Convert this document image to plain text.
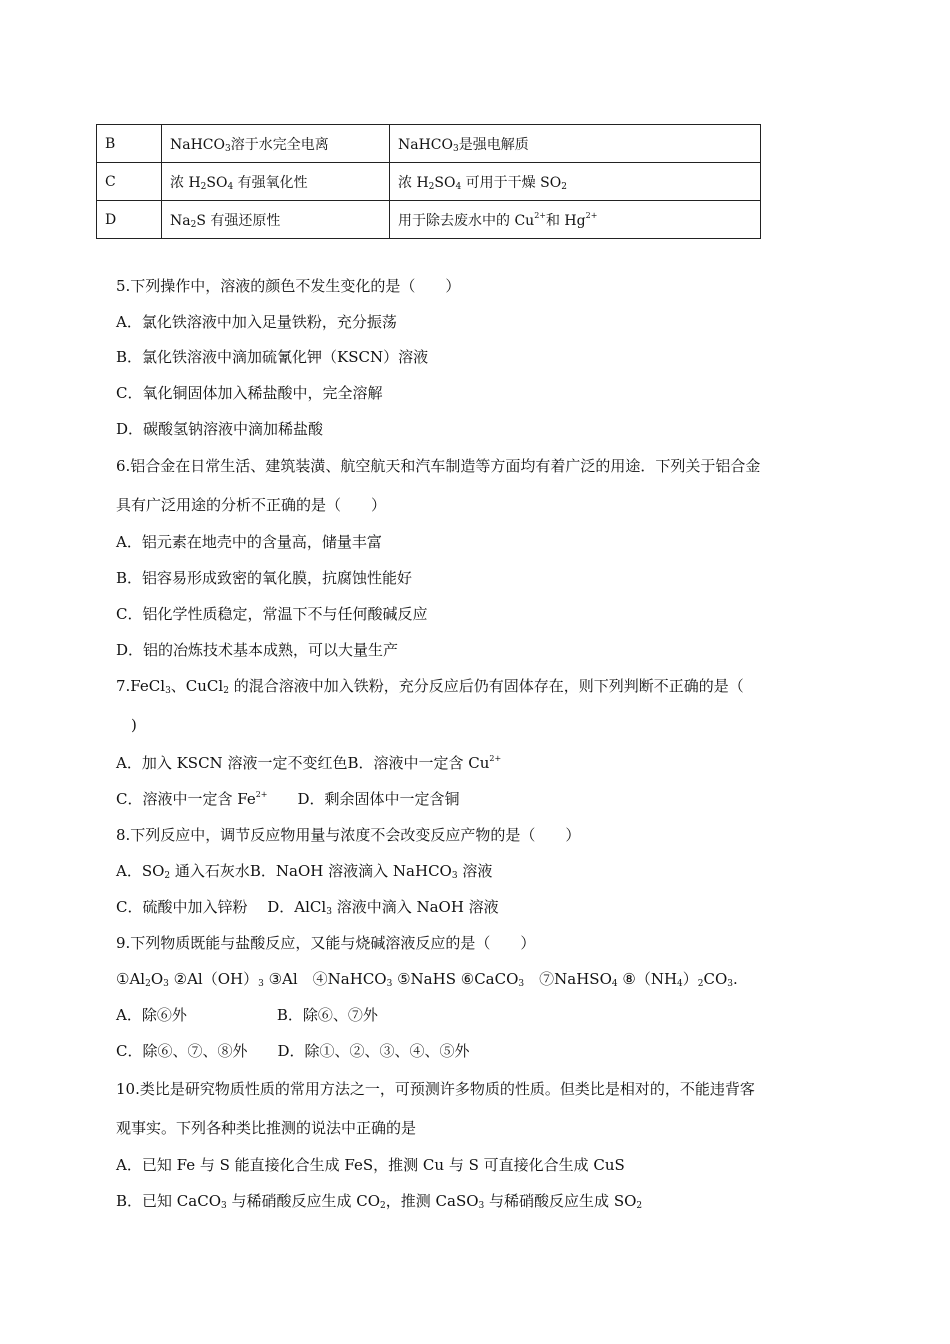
B	NaHCO$_3$溶于水完全电离	NaHCO$_3$是强电解质
C	浓 $H_2SO_4$ 有强氧化性	浓 $H_2SO_4$ 可用于干燥 $SO_2$
D	$Na_2S$ 有强还原性	用于除去废水中的 $Cu^{2+}$和 $Hg^{2+}$
5.下列操作中，溶液的颜色不发生变化的是（　　）
A．氯化铁溶液中加入足量铁粉，充分振荡
B．氯化铁溶液中滴加硫氰化钾（KSCN）溶液
C．氧化铜固体加入稀盐酸中，完全溶解
D．碳酸氢钠溶液中滴加稀盐酸
6.铝合金在日常生活、建筑装潢、航空航天和汽车制造等方面均有着广泛的用途．下列关于铝合金
具有广泛用途的分析不正确的是（　　）
A．铝元素在地壳中的含量高，储量丰富
B．铝容易形成致密的氧化膜，抗腐蚀性能好
C．铝化学性质稳定，常温下不与任何酸碱反应
D．铝的冶炼技术基本成熟，可以大量生产
7.FeCl$_3$、CuCl$_2$ 的混合溶液中加入铁粉，充分反应后仍有固体存在，则下列判断不正确的是（
　)
A．加入 KSCN 溶液一定不变红色B．溶液中一定含 $Cu^{2+}$
C．溶液中一定含 $Fe^{2+}$　　D．剩余固体中一定含铜
8.下列反应中，调节反应物用量与浓度不会改变反应产物的是（　　）
A．$SO_2$ 通入石灰水B．NaOH 溶液滴入 NaHCO$_3$ 溶液
C．硫酸中加入锌粉　 D．AlCl$_3$ 溶液中滴入 NaOH 溶液
9.下列物质既能与盐酸反应，又能与烧碱溶液反应的是（　　）
$①Al_2O_3$ $②Al(OH)_3$ ③Al　④NaHCO$_3$ ⑤NaHS ⑥CaCO$_3$　⑦NaHSO$_4$ $⑧(NH_4)_2CO_3$.
A．除⑥外　　　　　　B．除⑥、⑦外
C．除⑥、⑦、⑧外　　D．除①、②、③、④、⑤外
10.类比是研究物质性质的常用方法之一，可预测许多物质的性质。但类比是相对的，不能违背客
观事实。下列各种类比推测的说法中正确的是
A．已知 Fe 与 S 能直接化合生成 FeS，推测 Cu 与 S 可直接化合生成 CuS
B．已知 CaCO$_3$ 与稀硝酸反应生成 $CO_2$，推测 CaSO$_3$ 与稀硝酸反应生成 $SO_2$
